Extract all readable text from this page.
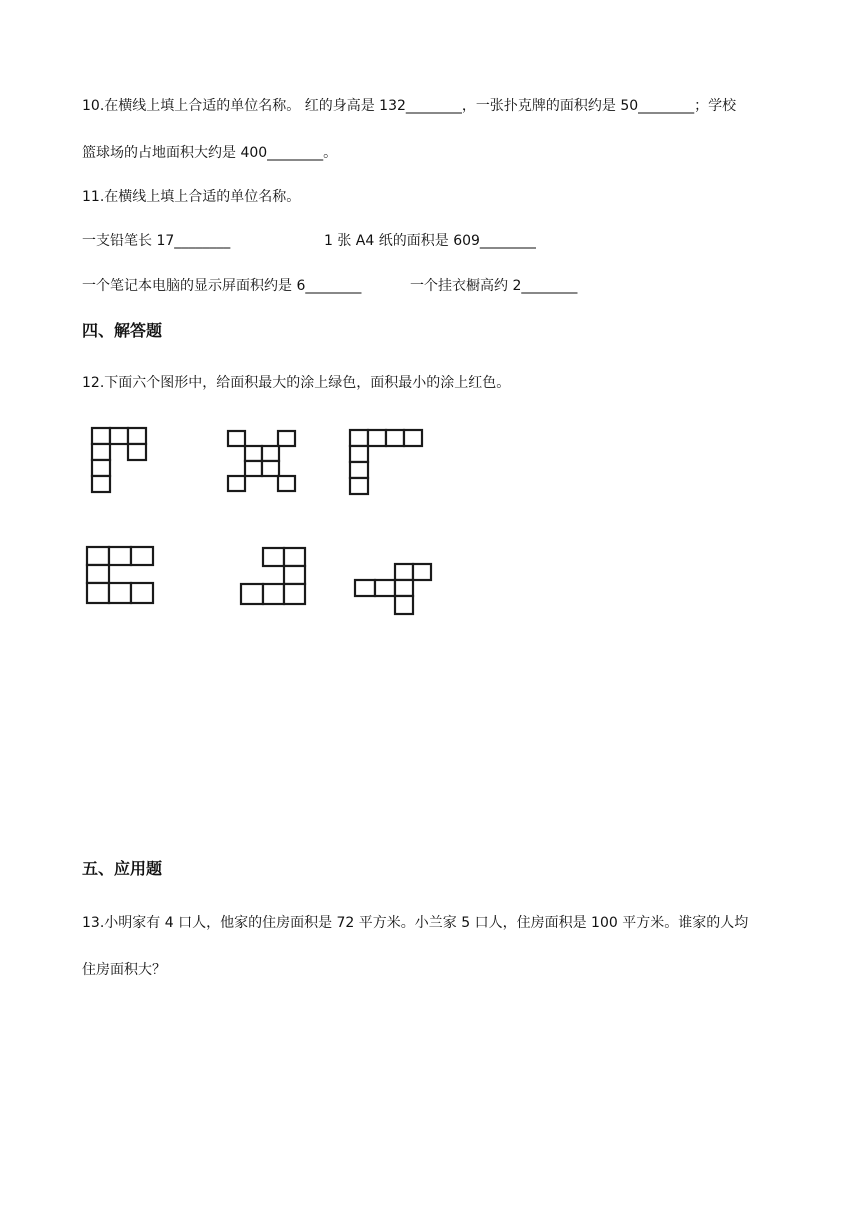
10.在横线上填上合适的单位名称。 红的身高是 132________，一张扑克牌的面积约是 50________；学校
篮球场的占地面积大约是 400________。
11.在横线上填上合适的单位名称。
一支铅笔长 17________	1 张 A4 纸的面积是 609________
一个笔记本电脑的显示屏面积约是 6________	一个挂衣橱高约 2________
四、解答题
12.下面六个图形中，给面积最大的涂上绿色，面积最小的涂上红色。
五、应用题
13.小明家有 4 口人，他家的住房面积是 72 平方米。小兰家 5 口人，住房面积是 100 平方米。谁家的人均
住房面积大？
